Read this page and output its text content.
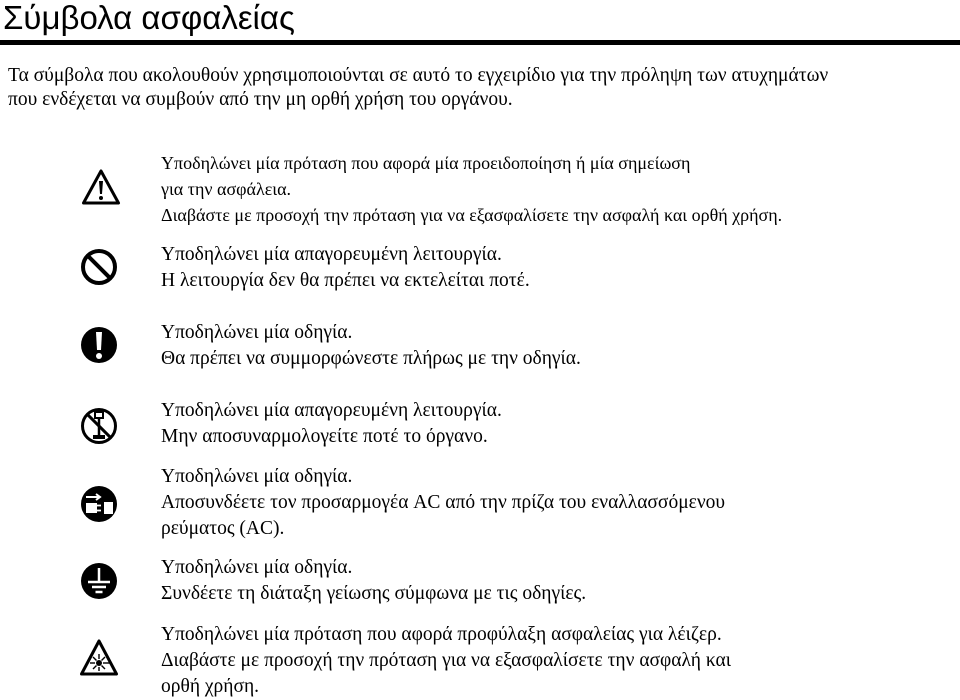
Σύμβολα ασφαλείας
Τα σύμβολα που ακολουθούν χρησιμοποιούνται σε αυτό το εγχειρίδιο για την πρόληψη των ατυχημάτων
που ενδέχεται να συμβούν από την μη ορθή χρήση του οργάνου.
Υποδηλώνει μία πρόταση που αφορά μία προειδοποίηση ή μία σημείωση
για την ασφάλεια.
Διαβάστε με προσοχή την πρόταση για να εξασφαλίσετε την ασφαλή και ορθή χρήση.
Υποδηλώνει μία απαγορευμένη λειτουργία.
Η λειτουργία δεν θα πρέπει να εκτελείται ποτέ.
Υποδηλώνει μία οδηγία.
Θα πρέπει να συμμορφώνεστε πλήρως με την οδηγία.
Υποδηλώνει μία απαγορευμένη λειτουργία.
Μην αποσυναρμολογείτε ποτέ το όργανο.
Υποδηλώνει μία οδηγία.
Αποσυνδέετε τον προσαρμογέα AC από την πρίζα του εναλλασσόμενου
ρεύματος (AC).
Υποδηλώνει μία οδηγία.
Συνδέετε τη διάταξη γείωσης σύμφωνα με τις οδηγίες.
Υποδηλώνει μία πρόταση που αφορά προφύλαξη ασφαλείας για λέιζερ.
Διαβάστε με προσοχή την πρόταση για να εξασφαλίσετε την ασφαλή και
ορθή χρήση.
